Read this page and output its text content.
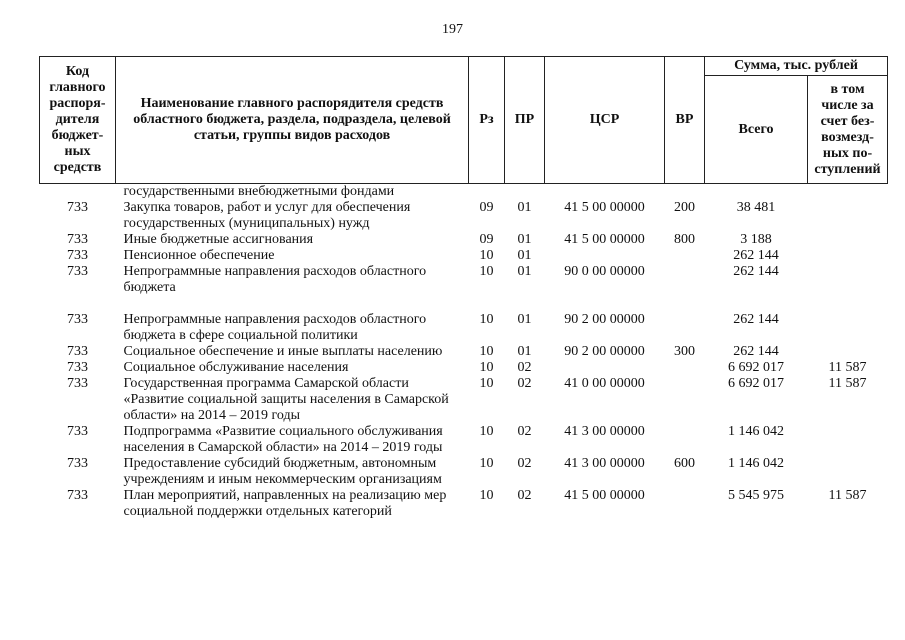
197
Код главного распоря- дителя бюджет- ных средств	Наименование главного распорядителя средств областного бюджета, раздела, подраздела, целевой статьи, группы видов расходов	Рз	ПР	ЦСР	ВР	Сумма, тыс. рублей	
						Всего	в том числе за счет без- возмезд- ных по- ступлений
	государственными внебюджетными фондами						
733	Закупка товаров, работ и услуг для обеспечения государственных (муниципальных) нужд	09	01	41 5 00 00000	200	38 481	
733	Иные бюджетные ассигнования	09	01	41 5 00 00000	800	3 188	
733	Пенсионное обеспечение	10	01			262 144	
733	Непрограммные направления расходов областного бюджета	10	01	90 0 00 00000		262 144	

733	Непрограммные направления расходов областного бюджета в сфере социальной политики	10	01	90 2 00 00000		262 144	
733	Социальное обеспечение и иные выплаты населению	10	01	90 2 00 00000	300	262 144	
733	Социальное обслуживание населения	10	02			6 692 017	11 587
733	Государственная программа Самарской области «Развитие социальной защиты населения в Самарской области» на 2014 – 2019 годы	10	02	41 0 00 00000		6 692 017	11 587
733	Подпрограмма «Развитие социального обслуживания населения в Самарской области» на 2014 – 2019 годы	10	02	41 3 00 00000		1 146 042	
733	Предоставление субсидий бюджетным, автономным учреждениям и иным некоммерческим организациям	10	02	41 3 00 00000	600	1 146 042	
733	План мероприятий, направленных на реализацию мер социальной поддержки отдельных категорий	10	02	41 5 00 00000		5 545 975	11 587
